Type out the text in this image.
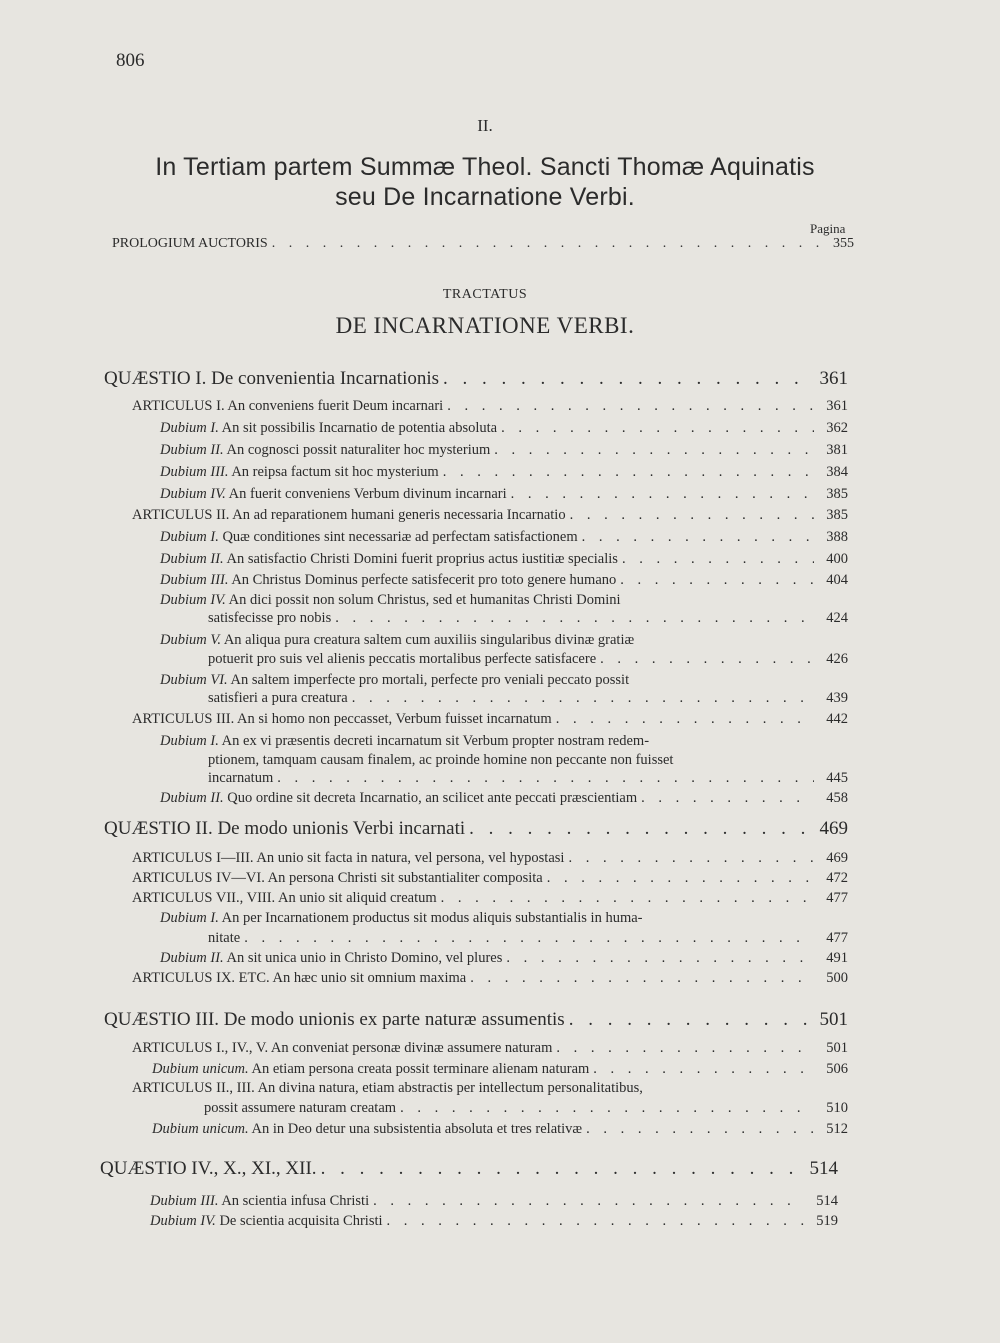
806
II.
In Tertiam partem Summæ Theol. Sancti Thomæ Aquinatis
seu De Incarnatione Verbi.
Pagina
PROLOGIUM AUCTORIS . . .	355
TRACTATUS
DE INCARNATIONE VERBI.
QUÆSTIO I. De convenientia Incarnationis . . .	361
ARTICULUS I. An conveniens fuerit Deum incarnari . . .	361
Dubium I. An sit possibilis Incarnatio de potentia absoluta . . .	362
Dubium II. An cognosci possit naturaliter hoc mysterium . . .	381
Dubium III. An reipsa factum sit hoc mysterium . . .	384
Dubium IV. An fuerit conveniens Verbum divinum incarnari . . .	385
ARTICULUS II. An ad reparationem humani generis necessaria Incarnatio . . .	385
Dubium I. Quæ conditiones sint necessariæ ad perfectam satisfactionem . . .	388
Dubium II. An satisfactio Christi Domini fuerit proprius actus iustitiæ specialis . . .	400
Dubium III. An Christus Dominus perfecte satisfecerit pro toto genere humano . . .	404
Dubium IV. An dici possit non solum Christus, sed et humanitas Christi Domini
satisfecisse pro nobis . . .	424
Dubium V. An aliqua pura creatura saltem cum auxiliis singularibus divinæ gratiæ
potuerit pro suis vel alienis peccatis mortalibus perfecte satisfacere . . .	426
Dubium VI. An saltem imperfecte pro mortali, perfecte pro veniali peccato possit
satisfieri a pura creatura . . .	439
ARTICULUS III. An si homo non peccasset, Verbum fuisset incarnatum . . .	442
Dubium I. An ex vi præsentis decreti incarnatum sit Verbum propter nostram redem-
ptionem, tamquam causam finalem, ac proinde homine non peccante non fuisset
incarnatum . . .	445
Dubium II. Quo ordine sit decreta Incarnatio, an scilicet ante peccati præscientiam . . .	458
QUÆSTIO II. De modo unionis Verbi incarnati . . .	469
ARTICULUS I—III. An unio sit facta in natura, vel persona, vel hypostasi . . .	469
ARTICULUS IV—VI. An persona Christi sit substantialiter composita . . .	472
ARTICULUS VII., VIII. An unio sit aliquid creatum . . .	477
Dubium I. An per Incarnationem productus sit modus aliquis substantialis in huma-
nitate . . .	477
Dubium II. An sit unica unio in Christo Domino, vel plures . . .	491
ARTICULUS IX. ETC. An hæc unio sit omnium maxima . . .	500
QUÆSTIO III. De modo unionis ex parte naturæ assumentis . . .	501
ARTICULUS I., IV., V. An conveniat personæ divinæ assumere naturam . . .	501
Dubium unicum. An etiam persona creata possit terminare alienam naturam . . .	506
ARTICULUS II., III. An divina natura, etiam abstractis per intellectum personalitatibus,
possit assumere naturam creatam . . .	510
Dubium unicum. An in Deo detur una subsistentia absoluta et tres relativæ . . .	512
QUÆSTIO IV., X., XI., XII. . . .	514
Dubium III. An scientia infusa Christi . . .	514
Dubium IV. De scientia acquisita Christi . . .	519
